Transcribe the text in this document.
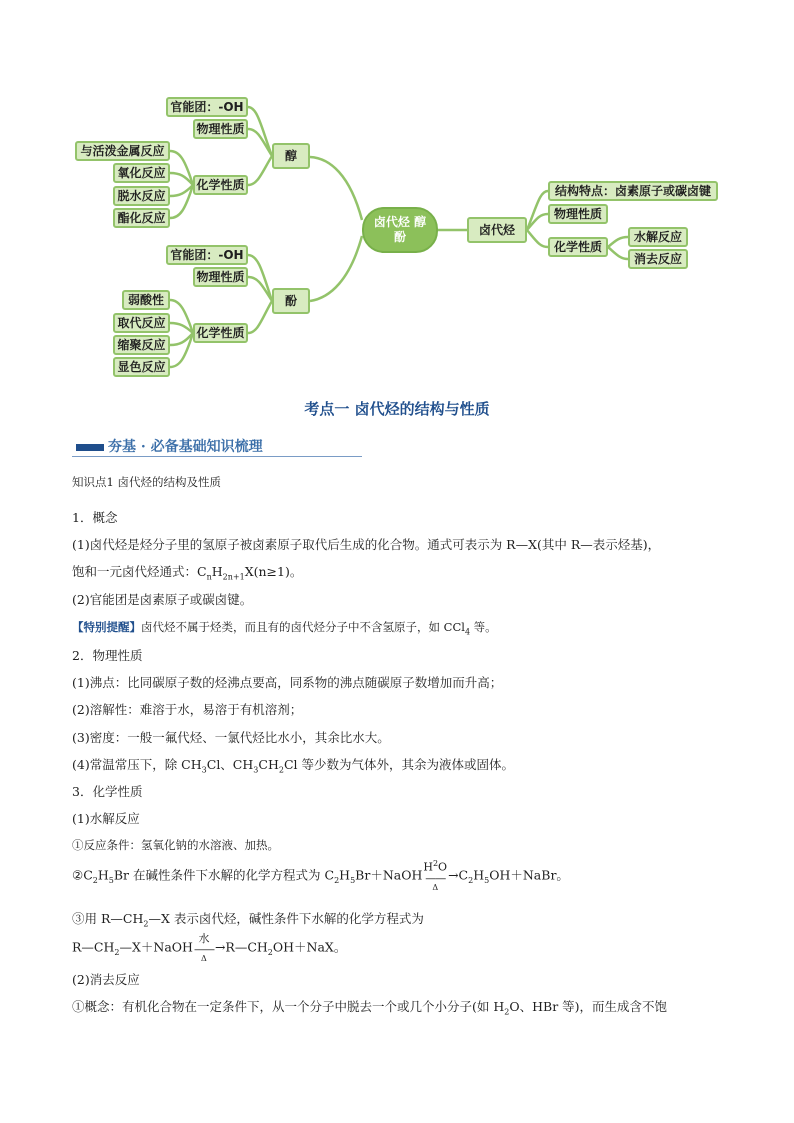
卤代烃 醇 酚
醇
官能团：-OH
物理性质
化学性质
与活泼金属反应
氧化反应
脱水反应
酯化反应
酚
官能团：-OH
物理性质
化学性质
弱酸性
取代反应
缩聚反应
显色反应
卤代烃
结构特点：卤素原子或碳卤键
物理性质
化学性质
水解反应
消去反应
考点一 卤代烃的结构与性质
夯基 · 必备基础知识梳理
知识点1 卤代烃的结构及性质
1．概念
(1)卤代烃是烃分子里的氢原子被卤素原子取代后生成的化合物。通式可表示为 R—X(其中 R—表示烃基)，
饱和一元卤代烃通式：$C_nH_{2n+1}X(n\ge 1)$。
(2)官能团是卤素原子或碳卤键。
【特别提醒】卤代烃不属于烃类，而且有的卤代烃分子中不含氢原子，如 CCl$_4$ 等。
2．物理性质
(1)沸点：比同碳原子数的烃沸点要高，同系物的沸点随碳原子数增加而升高；
(2)溶解性：难溶于水，易溶于有机溶剂；
(3)密度：一般一氟代烃、一氯代烃比水小，其余比水大。
(4)常温常压下，除 $CH_3Cl$、$CH_3CH_2Cl$ 等少数为气体外，其余为液体或固体。
3．化学性质
(1)水解反应
①反应条件：氢氧化钠的水溶液、加热。
$②C_2H_5Br$ 在碱性条件下水解的化学方程式为 $C_2H_5Br+NaOH$
$H^2O$
——
Δ
$\to C_2H_5OH+NaBr$。
③用 $R—CH_2—X$ 表示卤代烃，碱性条件下水解的化学方程式为
$R—CH_2—X+NaOH$
水
——
Δ
$\to R—CH_2OH+NaX$。
(2)消去反应
①概念：有机化合物在一定条件下，从一个分子中脱去一个或几个小分子(如 $H_2O$、HBr 等)，而生成含不饱
